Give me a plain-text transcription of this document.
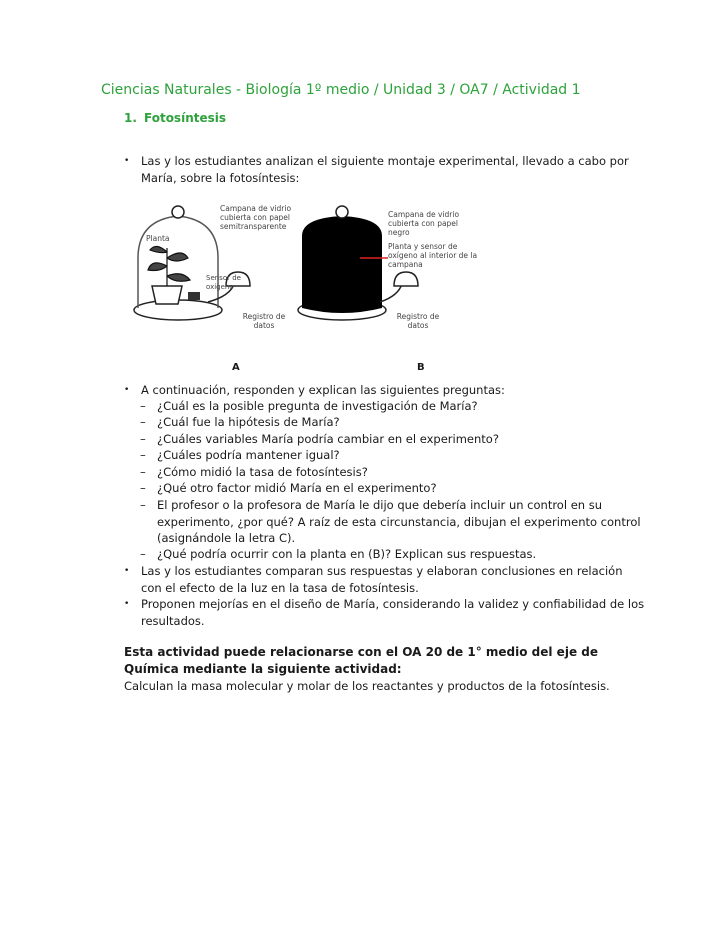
Ciencias Naturales - Biología 1º medio / Unidad 3 / OA7 / Actividad 1
1. Fotosíntesis
• Las y los estudiantes analizan el siguiente montaje experimental, llevado a cabo por María, sobre la fotosíntesis:
Campana de vidrio cubierta con papel semitransparente
Planta
Sensor de oxígeno
Registro de datos
A
Campana de vidrio cubierta con papel negro
Planta y sensor de oxígeno al interior de la campana
Registro de datos
B
• A continuación, responden y explican las siguientes preguntas:
– ¿Cuál es la posible pregunta de investigación de María?
– ¿Cuál fue la hipótesis de María?
– ¿Cuáles variables María podría cambiar en el experimento?
– ¿Cuáles podría mantener igual?
– ¿Cómo midió la tasa de fotosíntesis?
– ¿Qué otro factor midió María en el experimento?
– El profesor o la profesora de María le dijo que debería incluir un control en su experimento, ¿por qué? A raíz de esta circunstancia, dibujan el experimento control (asignándole la letra C).
– ¿Qué podría ocurrir con la planta en (B)? Explican sus respuestas.
• Las y los estudiantes comparan sus respuestas y elaboran conclusiones en relación con el efecto de la luz en la tasa de fotosíntesis.
• Proponen mejorías en el diseño de María, considerando la validez y confiabilidad de los resultados.
Esta actividad puede relacionarse con el OA 20 de 1° medio del eje de Química mediante la siguiente actividad:
Calculan la masa molecular y molar de los reactantes y productos de la fotosíntesis.
